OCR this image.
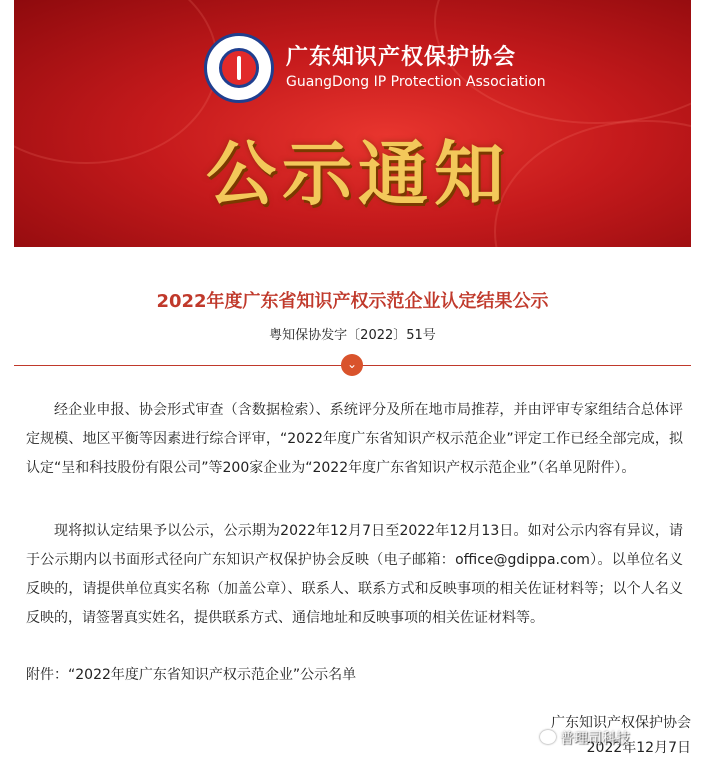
广东知识产权保护协会
GuangDong IP Protection Association
公示通知
2022年度广东省知识产权示范企业认定结果公示
粤知保协发字〔2022〕51号
⌄

经企业申报、协会形式审查（含数据检索）、系统评分及所在地市局推荐，并由评审专家组结合总体评定规模、地区平衡等因素进行综合评审，“2022年度广东省知识产权示范企业”评定工作已经全部完成，拟认定“呈和科技股份有限公司”等200家企业为“2022年度广东省知识产权示范企业”（名单见附件）。

现将拟认定结果予以公示，公示期为2022年12月7日至2022年12月13日。如对公示内容有异议，请于公示期内以书面形式径向广东知识产权保护协会反映（电子邮箱：office@gdippa.com）。以单位名义反映的，请提供单位真实名称（加盖公章）、联系人、联系方式和反映事项的相关佐证材料等；以个人名义反映的，请签署真实姓名，提供联系方式、通信地址和反映事项的相关佐证材料等。

附件：“2022年度广东省知识产权示范企业”公示名单
广东知识产权保护协会
2022年12月7日
普理司科技
